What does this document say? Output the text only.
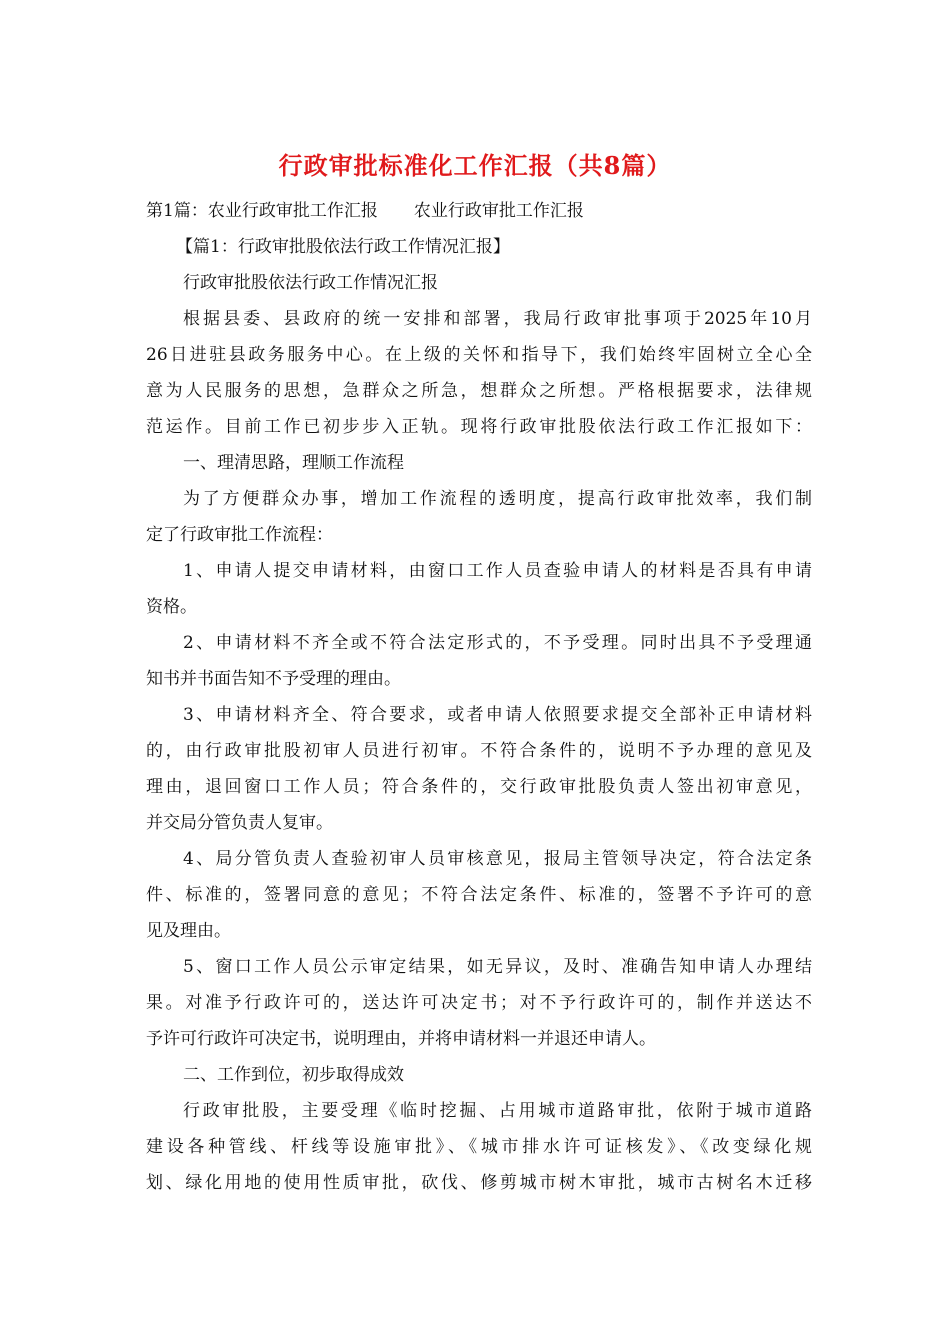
行政审批标准化工作汇报（共8篇）
第1篇：农业行政审批工作汇报 农业行政审批工作汇报
【篇1：行政审批股依法行政工作情况汇报】
行政审批股依法行政工作情况汇报
根据县委、县政府的统一安排和部署，我局行政审批事项于2025年10月
26日进驻县政务服务中心。在上级的关怀和指导下，我们始终牢固树立全心全
意为人民服务的思想，急群众之所急，想群众之所想。严格根据要求，法律规
范运作。目前工作已初步步入正轨。现将行政审批股依法行政工作汇报如下：
一、理清思路，理顺工作流程
为了方便群众办事，增加工作流程的透明度，提高行政审批效率，我们制
定了行政审批工作流程：
1、申请人提交申请材料，由窗口工作人员查验申请人的材料是否具有申请
资格。
2、申请材料不齐全或不符合法定形式的，不予受理。同时出具不予受理通
知书并书面告知不予受理的理由。
3、申请材料齐全、符合要求，或者申请人依照要求提交全部补正申请材料
的，由行政审批股初审人员进行初审。不符合条件的，说明不予办理的意见及
理由，退回窗口工作人员；符合条件的，交行政审批股负责人签出初审意见，
并交局分管负责人复审。
4、局分管负责人查验初审人员审核意见，报局主管领导决定，符合法定条
件、标准的，签署同意的意见；不符合法定条件、标准的，签署不予许可的意
见及理由。
5、窗口工作人员公示审定结果，如无异议，及时、准确告知申请人办理结
果。对准予行政许可的，送达许可决定书；对不予行政许可的，制作并送达不
予许可行政许可决定书，说明理由，并将申请材料一并退还申请人。
二、工作到位，初步取得成效
行政审批股，主要受理《临时挖掘、占用城市道路审批，依附于城市道路
建设各种管线、杆线等设施审批》、《城市排水许可证核发》、《改变绿化规
划、绿化用地的使用性质审批，砍伐、修剪城市树木审批，城市古树名木迁移
